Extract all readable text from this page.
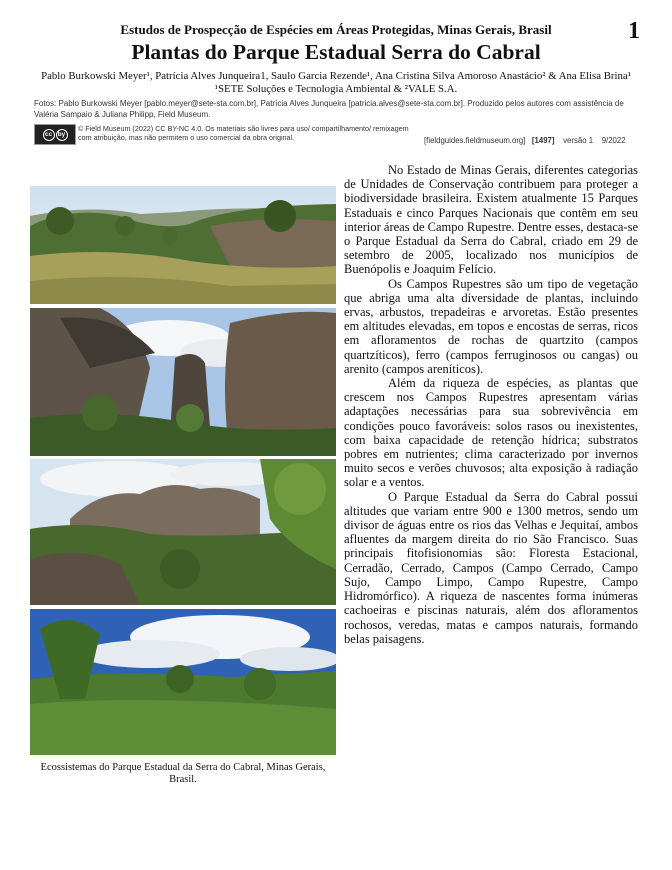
Estudos de Prospecção de Espécies em Áreas Protegidas, Minas Gerais, Brasil	1
Plantas do Parque Estadual Serra do Cabral
Pablo Burkowski Meyer¹, Patrícia Alves Junqueira1, Saulo Garcia Rezende¹, Ana Cristina Silva Amoroso Anastácio² & Ana Elisa Brina¹
¹SETE Soluções e Tecnologia Ambiental & ²VALE S.A.
Fotos: Pablo Burkowski Meyer [pablo.meyer@sete-sta.com.br], Patrícia Alves Junqueira [patricia.alves@sete-sta.com.br]. Produzido pelos autores com assistência de Valéria Sampaio & Juliana Philipp, Field Museum.
cc by
© Field Museum (2022) CC BY-NC 4.0. Os materiais são livres para uso/ compartilhamento/ remixagem com atribuição, mas não permitem o uso comercial da obra original.	[fieldguides.fieldmuseum.org] [1497] versão 1 9/2022
Ecossistemas do Parque Estadual da Serra do Cabral, Minas Gerais, Brasil.

No Estado de Minas Gerais, diferentes categorias de Unidades de Conservação contribuem para proteger a biodiversidade brasileira. Existem atualmente 15 Parques Estaduais e cinco Parques Nacionais que contêm em seu interior áreas de Campo Rupestre. Dentre esses, destaca-se o Parque Estadual da Serra do Cabral, criado em 29 de setembro de 2005, localizado nos municípios de Buenópolis e Joaquim Felício.

Os Campos Rupestres são um tipo de vegetação que abriga uma alta diversidade de plantas, incluindo ervas, arbustos, trepadeiras e arvoretas. Estão presentes em altitudes elevadas, em topos e encostas de serras, ricos em afloramentos de rochas de quartzito (campos quartzíticos), ferro (campos ferruginosos ou cangas) ou arenito (campos areníticos).

Além da riqueza de espécies, as plantas que crescem nos Campos Rupestres apresentam várias adaptações necessárias para sua sobrevivência em condições pouco favoráveis: solos rasos ou inexistentes, com baixa capacidade de retenção hídrica; substratos pobres em nutrientes; clima caracterizado por invernos muito secos e verões chuvosos; alta exposição à radiação solar e a ventos.

O Parque Estadual da Serra do Cabral possui altitudes que variam entre 900 e 1300 metros, sendo um divisor de águas entre os rios das Velhas e Jequitaí, ambos afluentes da margem direita do rio São Francisco. Suas principais fitofisionomias são: Floresta Estacional, Cerradão, Cerrado, Campos (Campo Cerrado, Campo Sujo, Campo Limpo, Campo Rupestre, Campo Hidromórfico). A riqueza de nascentes forma inúmeras cachoeiras e piscinas naturais, além dos afloramentos rochosos, veredas, matas e campos naturais, formando belas paisagens.
